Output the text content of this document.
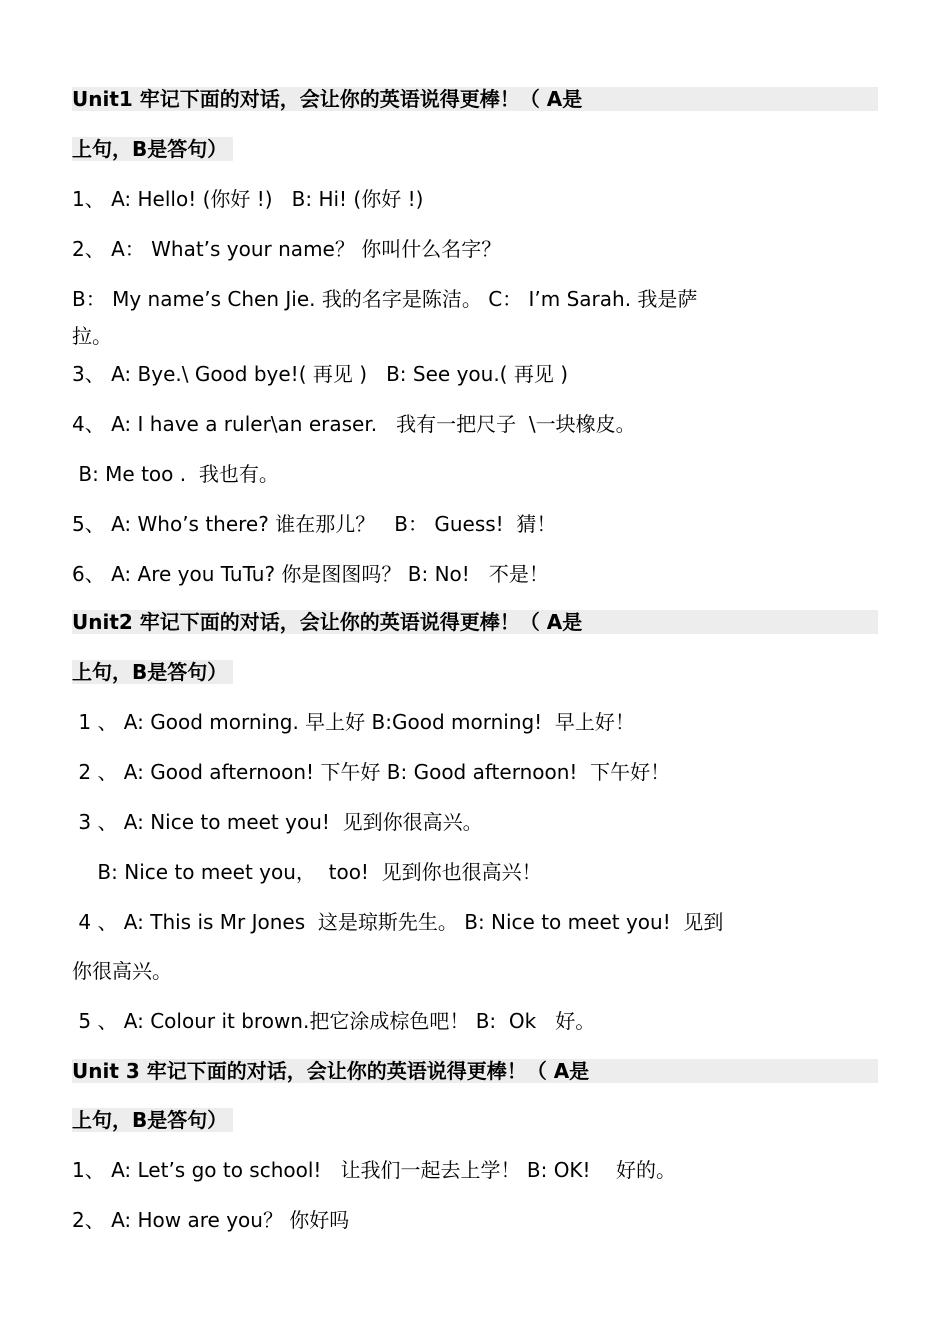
Unit1 牢记下面的对话，会让你的英语说得更棒！（ A是
上句，B是答句）
1、 A: Hello! (你好 !)   B: Hi! (你好 !)
2、 A： What’s your name？ 你叫什么名字？
B： My name’s Chen Jie. 我的名字是陈洁。 C： I’m Sarah. 我是萨
拉。
3、 A: Bye.\ Good bye!( 再见 )   B: See you.( 再见 )
4、 A: I have a ruler\an eraser.   我有一把尺子  \一块橡皮。
B: Me too .  我也有。
5、 A: Who’s there? 谁在那儿？   B： Guess!  猜！
6、 A: Are you TuTu? 你是图图吗？ B: No!   不是！
Unit2 牢记下面的对话，会让你的英语说得更棒！（ A是
上句，B是答句）
1 、 A: Good morning. 早上好 B:Good morning!  早上好！
2 、 A: Good afternoon! 下午好 B: Good afternoon!  下午好！
3 、 A: Nice to meet you!  见到你很高兴。
B: Nice to meet you，  too!  见到你也很高兴！
4 、 A: This is Mr Jones  这是琼斯先生。 B: Nice to meet you!  见到
你很高兴。
5 、 A: Colour it brown.把它涂成棕色吧！ B:  Ok   好。
Unit 3 牢记下面的对话，会让你的英语说得更棒！（ A是
上句，B是答句）
1、 A: Let’s go to school!   让我们一起去上学！ B: OK!    好的。
2、 A: How are you？ 你好吗
